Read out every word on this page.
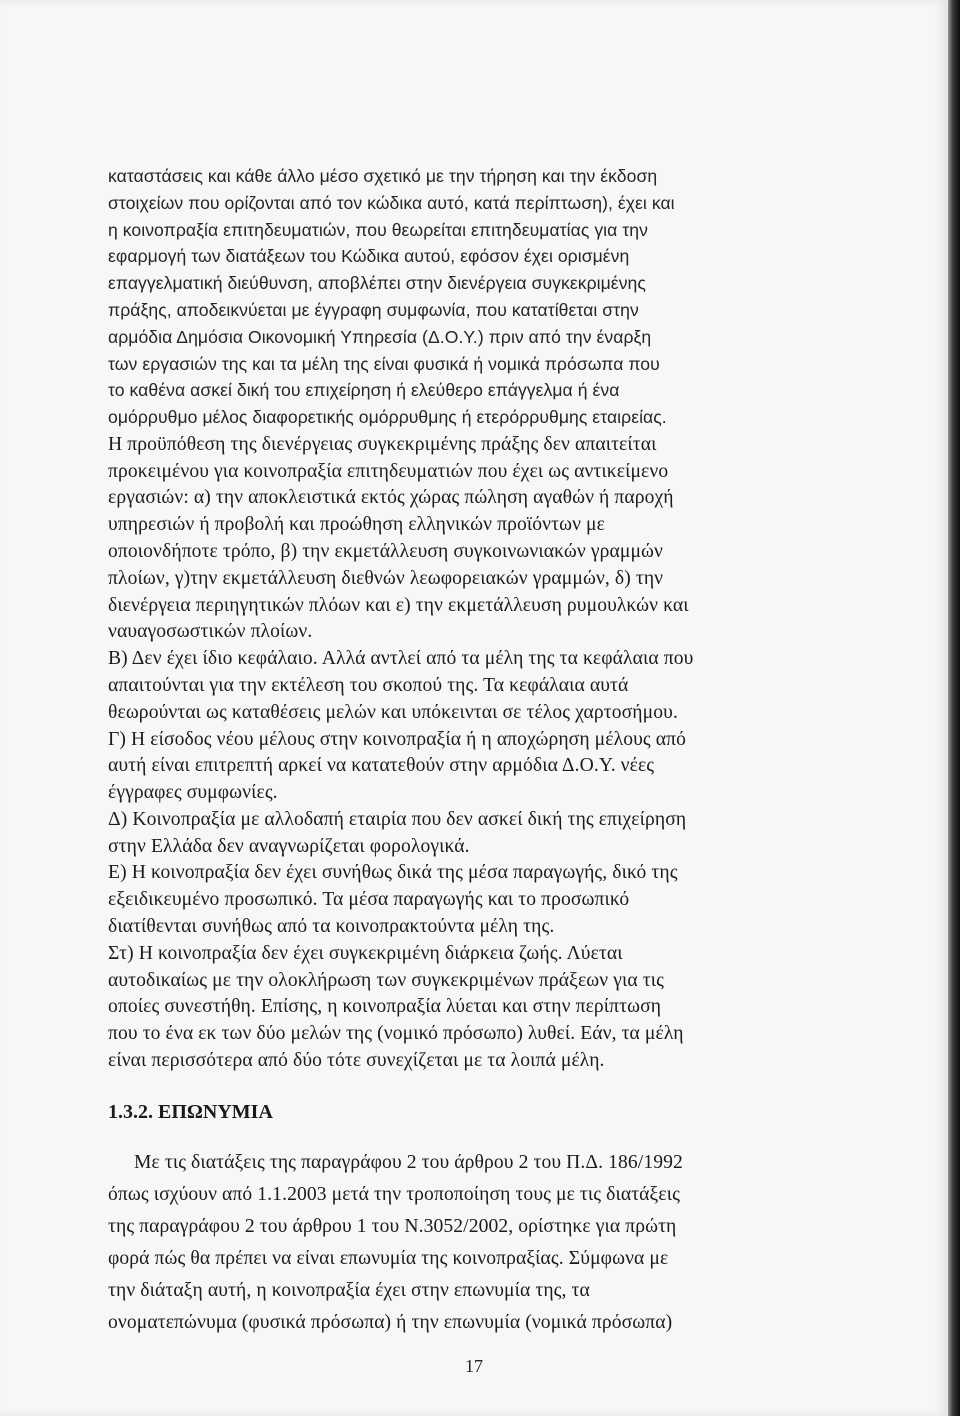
1.3.2. ΕΠΩΝΥΜΙΑ
Με τις διατάξεις της παραγράφου 2 του άρθρου 2 του Π.Δ. 186/1992
όπως ισχύουν από 1.1.2003 μετά την τροποποίηση τους με τις διατάξεις
της παραγράφου 2 του άρθρου 1 του Ν.3052/2002, ορίστηκε για πρώτη
φορά πώς θα πρέπει να είναι επωνυμία της κοινοπραξίας. Σύμφωνα με
την διάταξη αυτή, η κοινοπραξία έχει στην επωνυμία της, τα
ονοματεπώνυμα (φυσικά πρόσωπα) ή την επωνυμία (νομικά πρόσωπα)
17
καταστάσεις και κάθε άλλο μέσο σχετικό με την τήρηση και την έκδοση
στοιχείων που ορίζονται από τον κώδικα αυτό, κατά περίπτωση), έχει και
η κοινοπραξία επιτηδευματιών, που θεωρείται επιτηδευματίας για την
εφαρμογή των διατάξεων του Κώδικα αυτού, εφόσον έχει ορισμένη
επαγγελματική διεύθυνση, αποβλέπει στην διενέργεια συγκεκριμένης
πράξης, αποδεικνύεται με έγγραφη συμφωνία, που κατατίθεται στην
αρμόδια Δημόσια Οικονομική Υπηρεσία (Δ.Ο.Υ.) πριν από την έναρξη
των εργασιών της και τα μέλη της είναι φυσικά ή νομικά πρόσωπα που
το καθένα ασκεί δική του επιχείρηση ή ελεύθερο επάγγελμα ή ένα
ομόρρυθμο μέλος διαφορετικής ομόρρυθμης ή ετερόρρυθμης εταιρείας.
Η προϋπόθεση της διενέργειας συγκεκριμένης πράξης δεν απαιτείται
προκειμένου για κοινοπραξία επιτηδευματιών που έχει ως αντικείμενο
εργασιών: α) την αποκλειστικά εκτός χώρας πώληση αγαθών ή παροχή
υπηρεσιών ή προβολή και προώθηση ελληνικών προϊόντων με
οποιονδήποτε τρόπο, β) την εκμετάλλευση συγκοινωνιακών γραμμών
πλοίων, γ)την εκμετάλλευση διεθνών λεωφορειακών γραμμών, δ) την
διενέργεια περιηγητικών πλόων και ε) την εκμετάλλευση ρυμουλκών και
ναυαγοσωστικών πλοίων.
Β) Δεν έχει ίδιο κεφάλαιο. Αλλά αντλεί από τα μέλη της τα κεφάλαια που
απαιτούνται για την εκτέλεση του σκοπού της. Τα κεφάλαια αυτά
θεωρούνται ως καταθέσεις μελών και υπόκεινται σε τέλος χαρτοσήμου.
Γ) Η είσοδος νέου μέλους στην κοινοπραξία ή η αποχώρηση μέλους από
αυτή είναι επιτρεπτή αρκεί να κατατεθούν στην αρμόδια Δ.Ο.Υ. νέες
έγγραφες συμφωνίες.
Δ) Κοινοπραξία με αλλοδαπή εταιρία που δεν ασκεί δική της επιχείρηση
στην Ελλάδα δεν αναγνωρίζεται φορολογικά.
Ε) Η κοινοπραξία δεν έχει συνήθως δικά της μέσα παραγωγής, δικό της
εξειδικευμένο προσωπικό. Τα μέσα παραγωγής και το προσωπικό
διατίθενται συνήθως από τα κοινοπρακτούντα μέλη της.
Στ) Η κοινοπραξία δεν έχει συγκεκριμένη διάρκεια ζωής. Λύεται
αυτοδικαίως με την ολοκλήρωση των συγκεκριμένων πράξεων για τις
οποίες συνεστήθη. Επίσης, η κοινοπραξία λύεται και στην περίπτωση
που το ένα εκ των δύο μελών της (νομικό πρόσωπο) λυθεί. Εάν, τα μέλη
είναι περισσότερα από δύο τότε συνεχίζεται με τα λοιπά μέλη.
